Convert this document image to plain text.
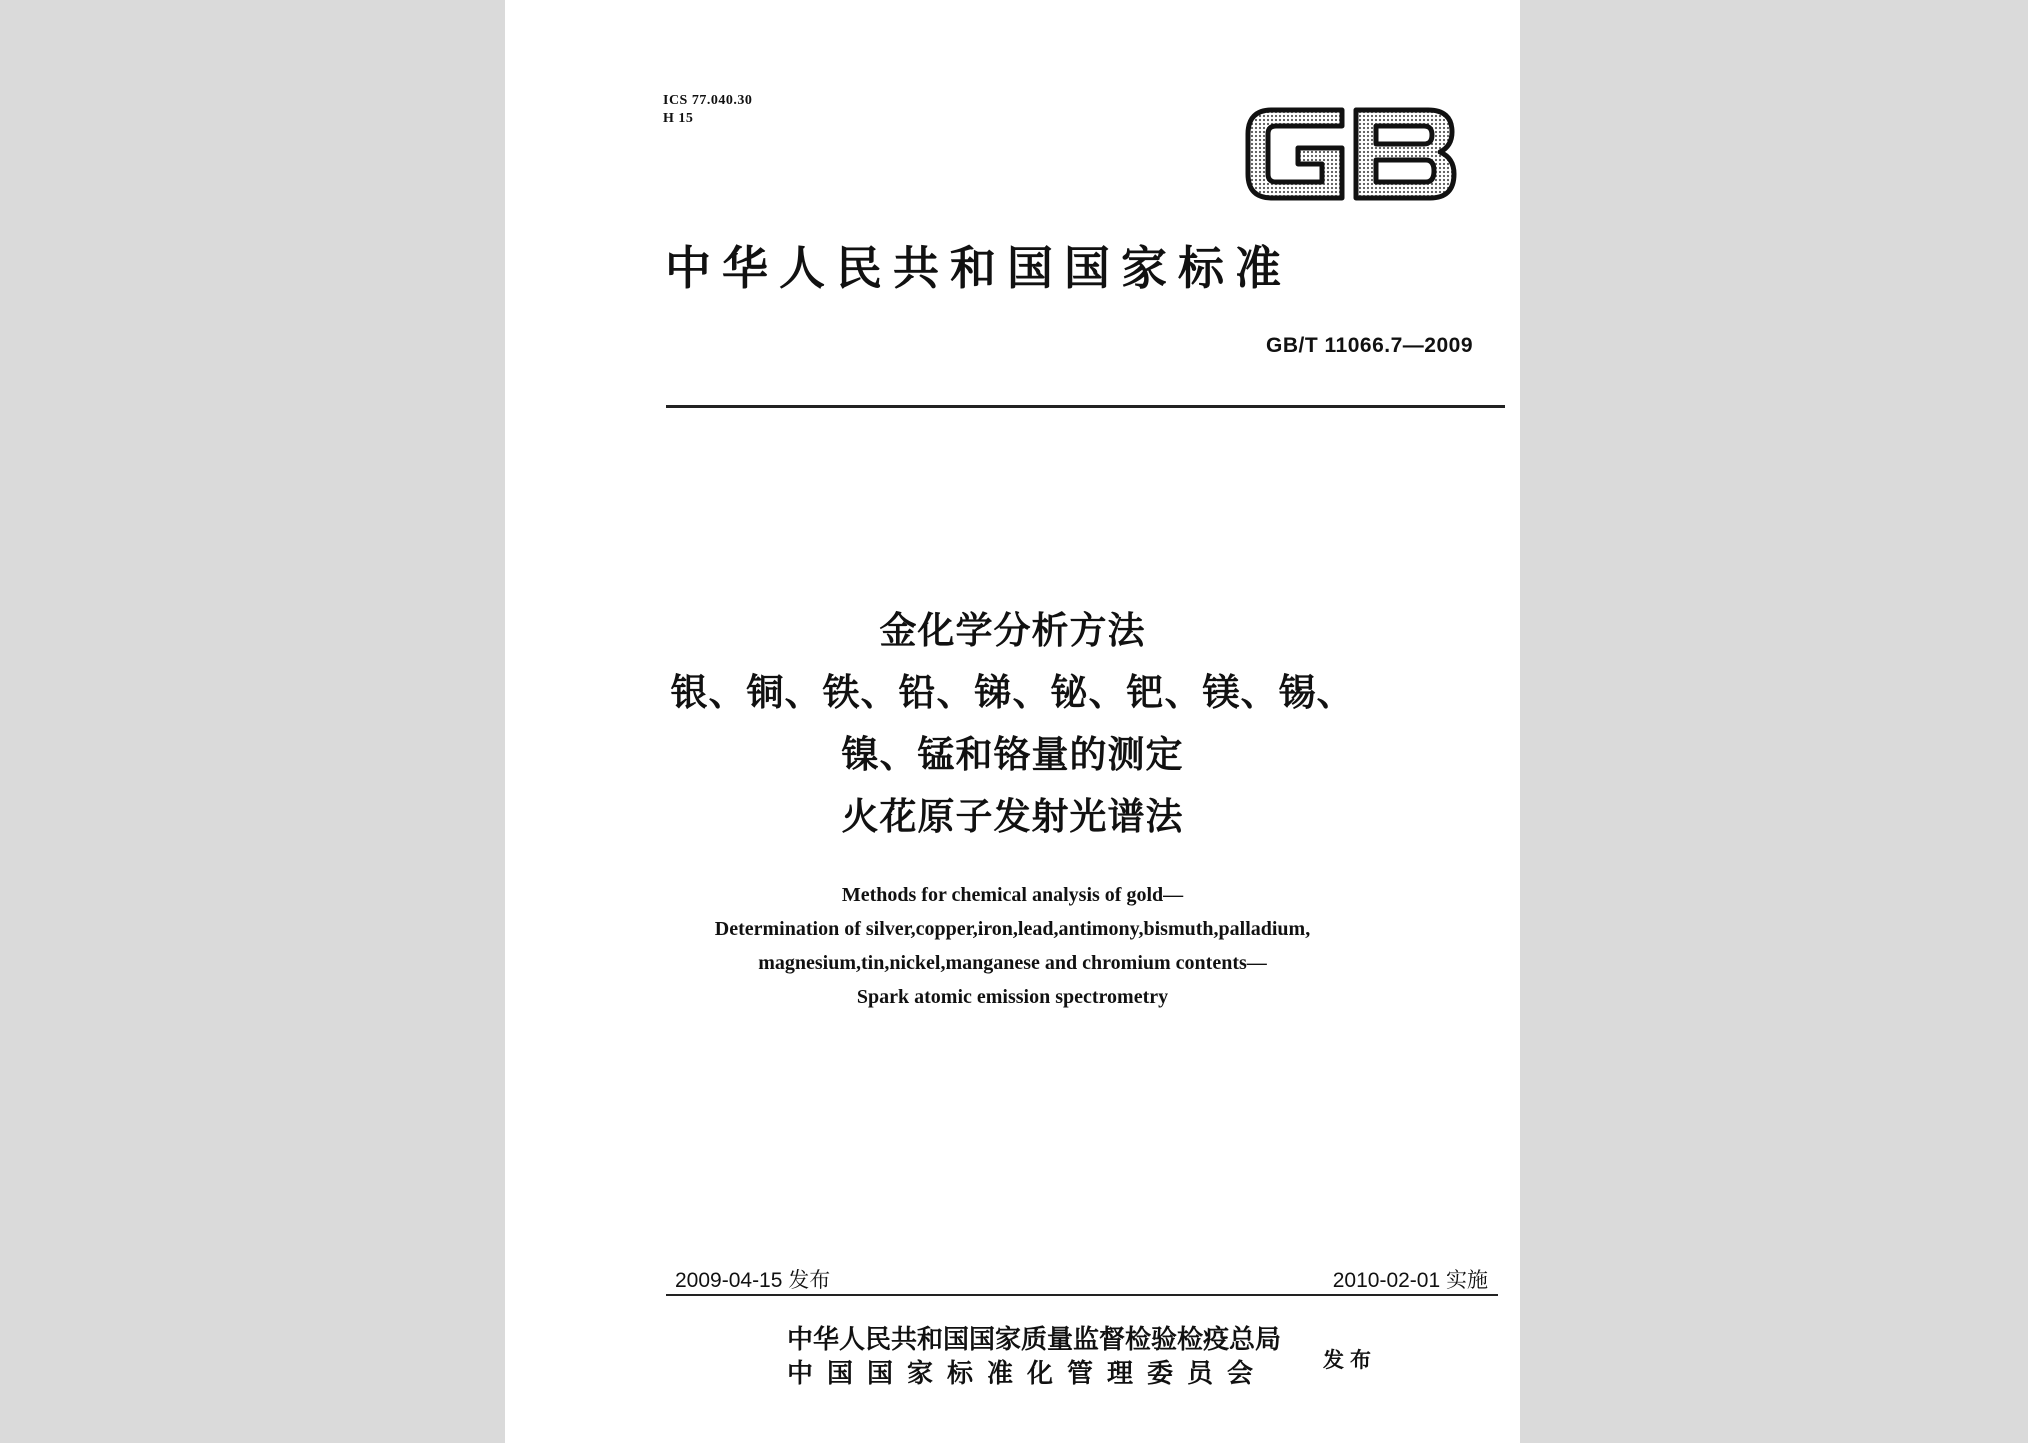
ICS 77.040.30
H 15
中华人民共和国国家标准
GB/T 11066.7—2009
金化学分析方法
银、铜、铁、铅、锑、铋、钯、镁、锡、
镍、锰和铬量的测定
火花原子发射光谱法
Methods for chemical analysis of gold—
Determination of silver,copper,iron,lead,antimony,bismuth,palladium,
magnesium,tin,nickel,manganese and chromium contents—
Spark atomic emission spectrometry
2009-04-15 发布	2010-02-01 实施
中华人民共和国国家质量监督检验检疫总局
中国国家标准化管理委员会	发布
